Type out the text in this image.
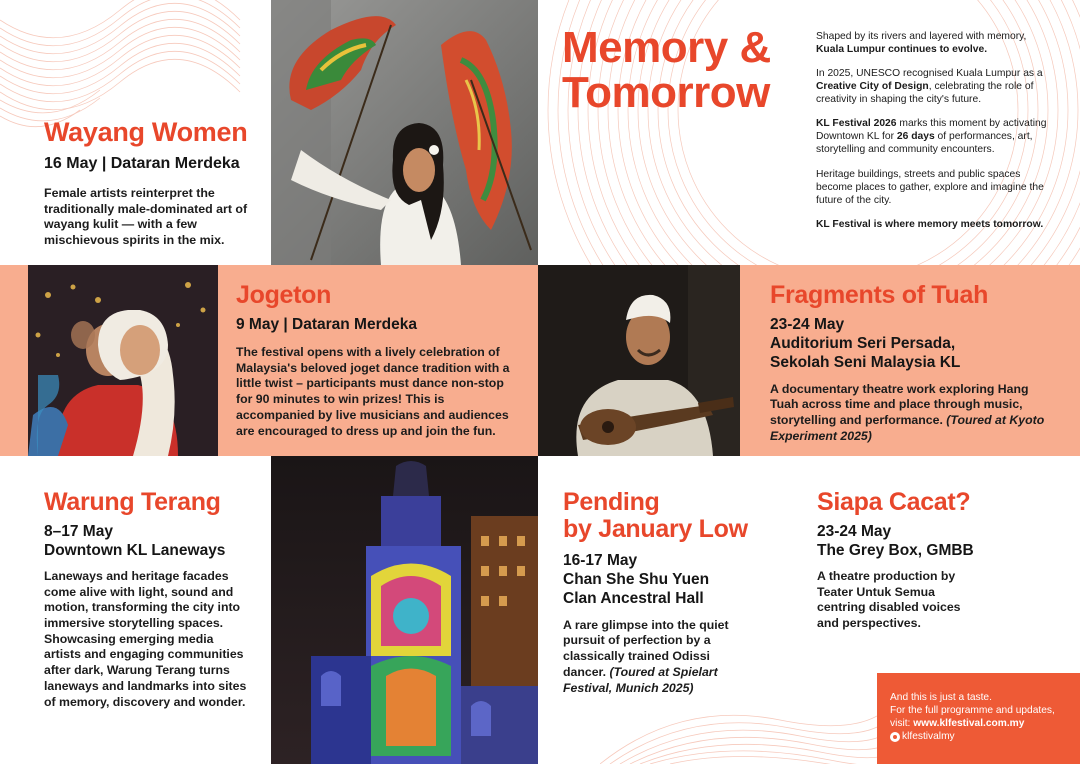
Memory &
Tomorrow

Shaped by its rivers and layered with memory,
Kuala Lumpur continues to evolve.

In 2025, UNESCO recognised Kuala Lumpur as a Creative City of Design, celebrating the role of creativity in shaping the city's future.

KL Festival 2026 marks this moment by activating Downtown KL for 26 days of performances, art, storytelling and community encounters.

Heritage buildings, streets and public spaces become places to gather, explore and imagine the future of the city.

KL Festival is where memory meets tomorrow.

Wayang Women
16 May | Dataran Merdeka
Female artists reinterpret the traditionally male-dominated art of wayang kulit — with a few mischievous spirits in the mix.
Jogeton
9 May | Dataran Merdeka
The festival opens with a lively celebration of Malaysia's beloved joget dance tradition with a little twist – participants must dance non-stop for 90 minutes to win prizes! This is accompanied by live musicians and audiences are encouraged to dress up and join the fun.
Fragments of Tuah
23-24 May
Auditorium Seri Persada,
Sekolah Seni Malaysia KL
A documentary theatre work exploring Hang Tuah across time and place through music, storytelling and performance. (Toured at Kyoto Experiment 2025)
Warung Terang
8–17 May
Downtown KL Laneways
Laneways and heritage facades come alive with light, sound and motion, transforming the city into immersive storytelling spaces. Showcasing emerging media artists and engaging communities after dark, Warung Terang turns laneways and landmarks into sites of memory, discovery and wonder.
Pending
by January Low
16-17 May
Chan She Shu Yuen
Clan Ancestral Hall
A rare glimpse into the quiet pursuit of perfection by a classically trained Odissi dancer. (Toured at Spielart Festival, Munich 2025)
Siapa Cacat?
23-24 May
The Grey Box, GMBB
A theatre production by Teater Untuk Semua centring disabled voices and perspectives.
And this is just a taste.
For the full programme and updates,
visit: www.klfestival.com.my
klfestivalmy
